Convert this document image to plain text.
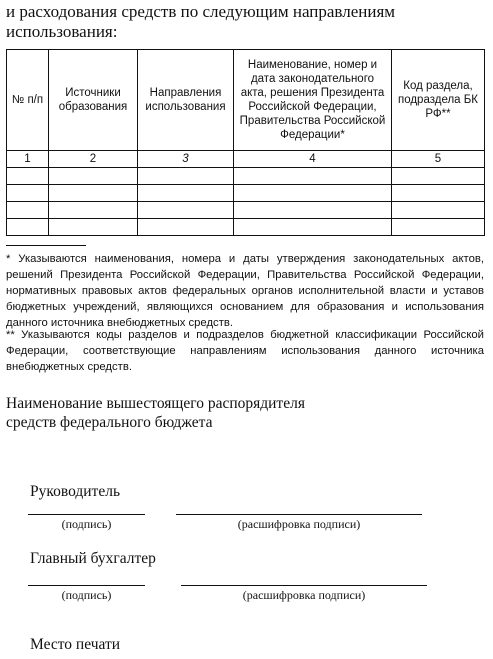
и расходования средств по следующим направлениям использования:
№ п/п	Источники образования	Направления использования	Наименование, номер и дата законодательного акта, решения Президента Российской Федерации, Правительства Российской Федерации*	Код раздела, подраздела БК РФ**
1	2	3	4	5

* Указываются наименования, номера и даты утверждения законодательных актов, решений Президента Российской Федерации, Правительства Российской Федерации, нормативных правовых актов федеральных органов исполнительной власти и уставов бюджетных учреждений, являющихся основанием для образования и использования данного источника внебюджетных средств.
** Указываются коды разделов и подразделов бюджетной классификации Российской Федерации, соответствующие направлениям использования данного источника внебюджетных средств.
Наименование вышестоящего распорядителя средств федерального бюджета
Руководитель
(подпись)	(расшифровка подписи)
Главный бухгалтер
(подпись)	(расшифровка подписи)
Место печати
